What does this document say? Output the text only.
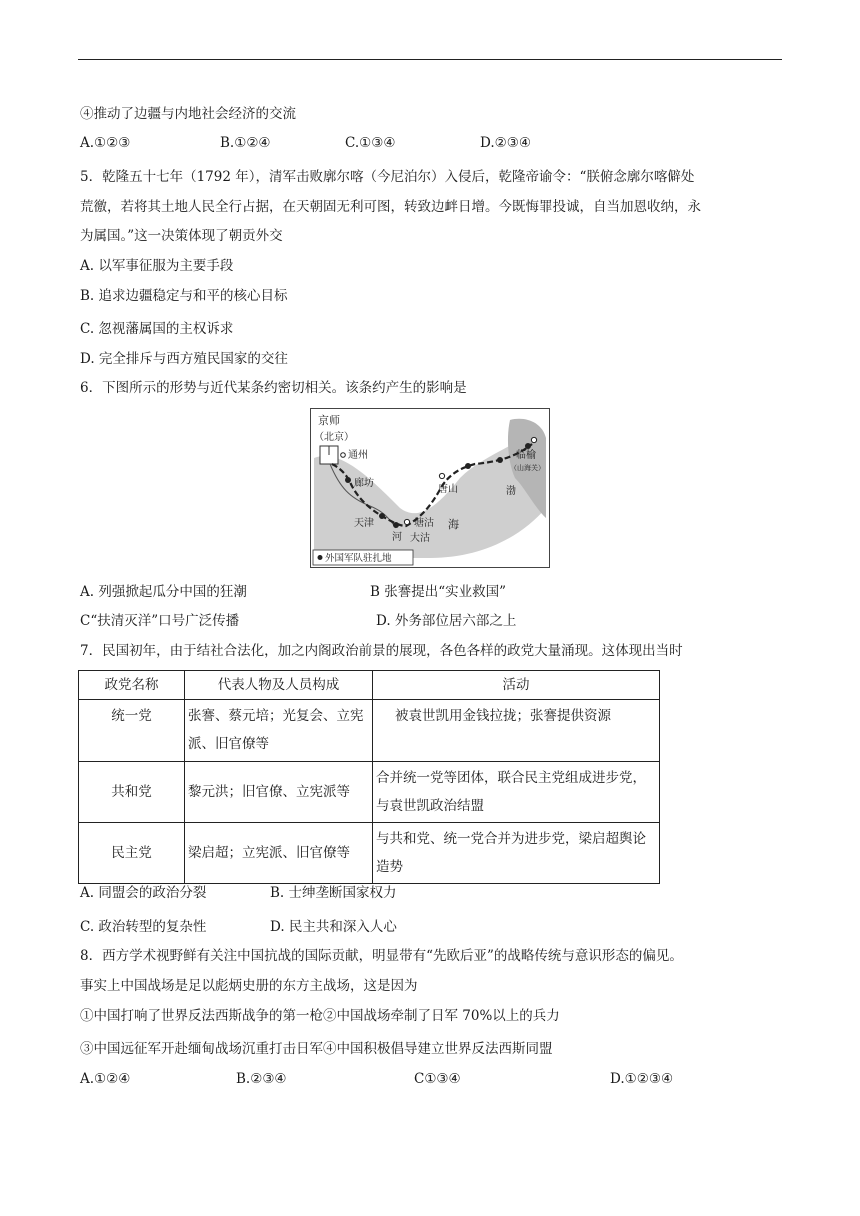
④推动了边疆与内地社会经济的交流
A.①②③	B.①②④	C.①③④	D.②③④
5．乾隆五十七年（1792 年），清军击败廓尔喀（今尼泊尔）入侵后，乾隆帝谕令：“朕俯念廓尔喀僻处
荒徼，若将其土地人民全行占据，在天朝固无利可图，转致边衅日增。今既悔罪投诚，自当加恩收纳，永
为属国。”这一决策体现了朝贡外交
A. 以军事征服为主要手段
B. 追求边疆稳定与和平的核心目标
C. 忽视藩属国的主权诉求
D. 完全排斥与西方殖民国家的交往
6．下图所示的形势与近代某条约密切相关。该条约产生的影响是
京师
（北京）
通州
廊坊
唐山
临榆
（山海关）
天津	塘沽
大沽
海
河
渤
外国军队驻扎地
A. 列强掀起瓜分中国的狂潮	B 张謇提出“实业救国”
C“扶清灭洋”口号广泛传播	D. 外务部位居六部之上
7．民国初年，由于结社合法化，加之内阁政治前景的展现，各色各样的政党大量涌现。这体现出当时
政党名称	代表人物及人员构成	活动
统一党	张謇、蔡元培；光复会、立宪派、旧官僚等	被袁世凯用金钱拉拢；张謇提供资源
共和党	黎元洪；旧官僚、立宪派等	合并统一党等团体，联合民主党组成进步党，与袁世凯政治结盟
民主党	梁启超；立宪派、旧官僚等	与共和党、统一党合并为进步党，梁启超舆论造势
A. 同盟会的政治分裂	B. 士绅垄断国家权力
C. 政治转型的复杂性	D. 民主共和深入人心
8．西方学术视野鲜有关注中国抗战的国际贡献，明显带有“先欧后亚”的战略传统与意识形态的偏见。
事实上中国战场是足以彪炳史册的东方主战场，这是因为
①中国打响了世界反法西斯战争的第一枪②中国战场牵制了日军 70%以上的兵力
③中国远征军开赴缅甸战场沉重打击日军④中国积极倡导建立世界反法西斯同盟
A.①②④	B.②③④	C①③④	D.①②③④
